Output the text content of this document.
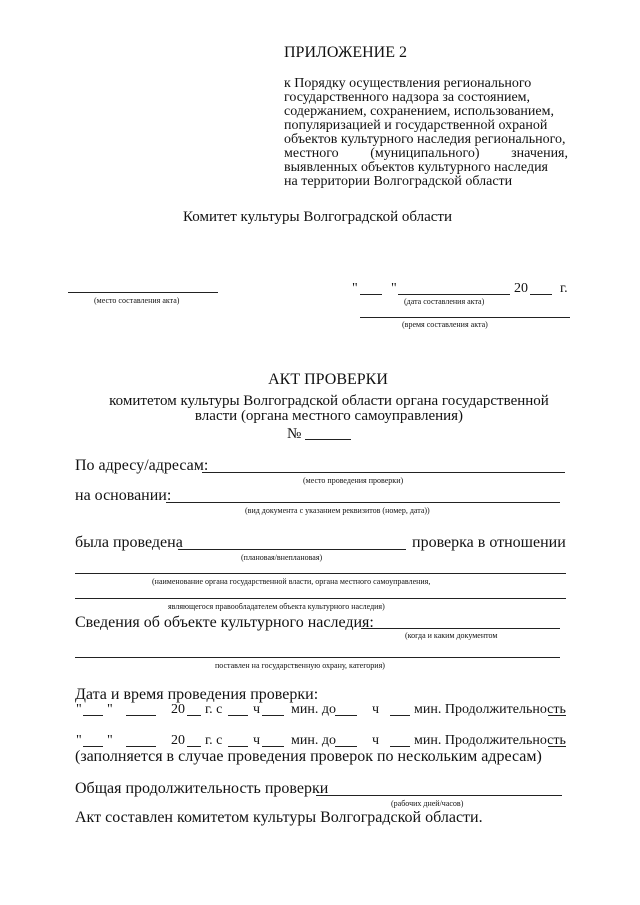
ПРИЛОЖЕНИЕ 2
к Порядку осуществления регионального
государственного надзора за состоянием,
содержанием, сохранением, использованием,
популяризацией и государственной охраной
объектов культурного наследия регионального,
местного (муниципального) значения,
выявленных объектов культурного наследия
на территории Волгоградской области
Комитет культуры Волгоградской области
(место составления акта)
" "	20 г.
(дата составления акта)
(время составления акта)
АКТ ПРОВЕРКИ
комитетом культуры Волгоградской области органа государственной
власти (органа местного самоуправления)
№
По адресу/адресам:
(место проведения проверки)
на основании:
(вид документа с указанием реквизитов (номер, дата))
была проведена	проверка в отношении
(плановая/внеплановая)
(наименование органа государственной власти, органа местного самоуправления,
являющегося правообладателем объекта культурного наследия)
Сведения об объекте культурного наследия:
(когда и каким документом
поставлен на государственную охрану, категория)
Дата и время проведения проверки:
" "	20 г. с ч мин. до	ч мин. Продолжительность
" "	20 г. с ч мин. до	ч мин. Продолжительность
(заполняется в случае проведения проверок по нескольким адресам)
Общая продолжительность проверки
(рабочих дней/часов)
Акт составлен комитетом культуры Волгоградской области.
